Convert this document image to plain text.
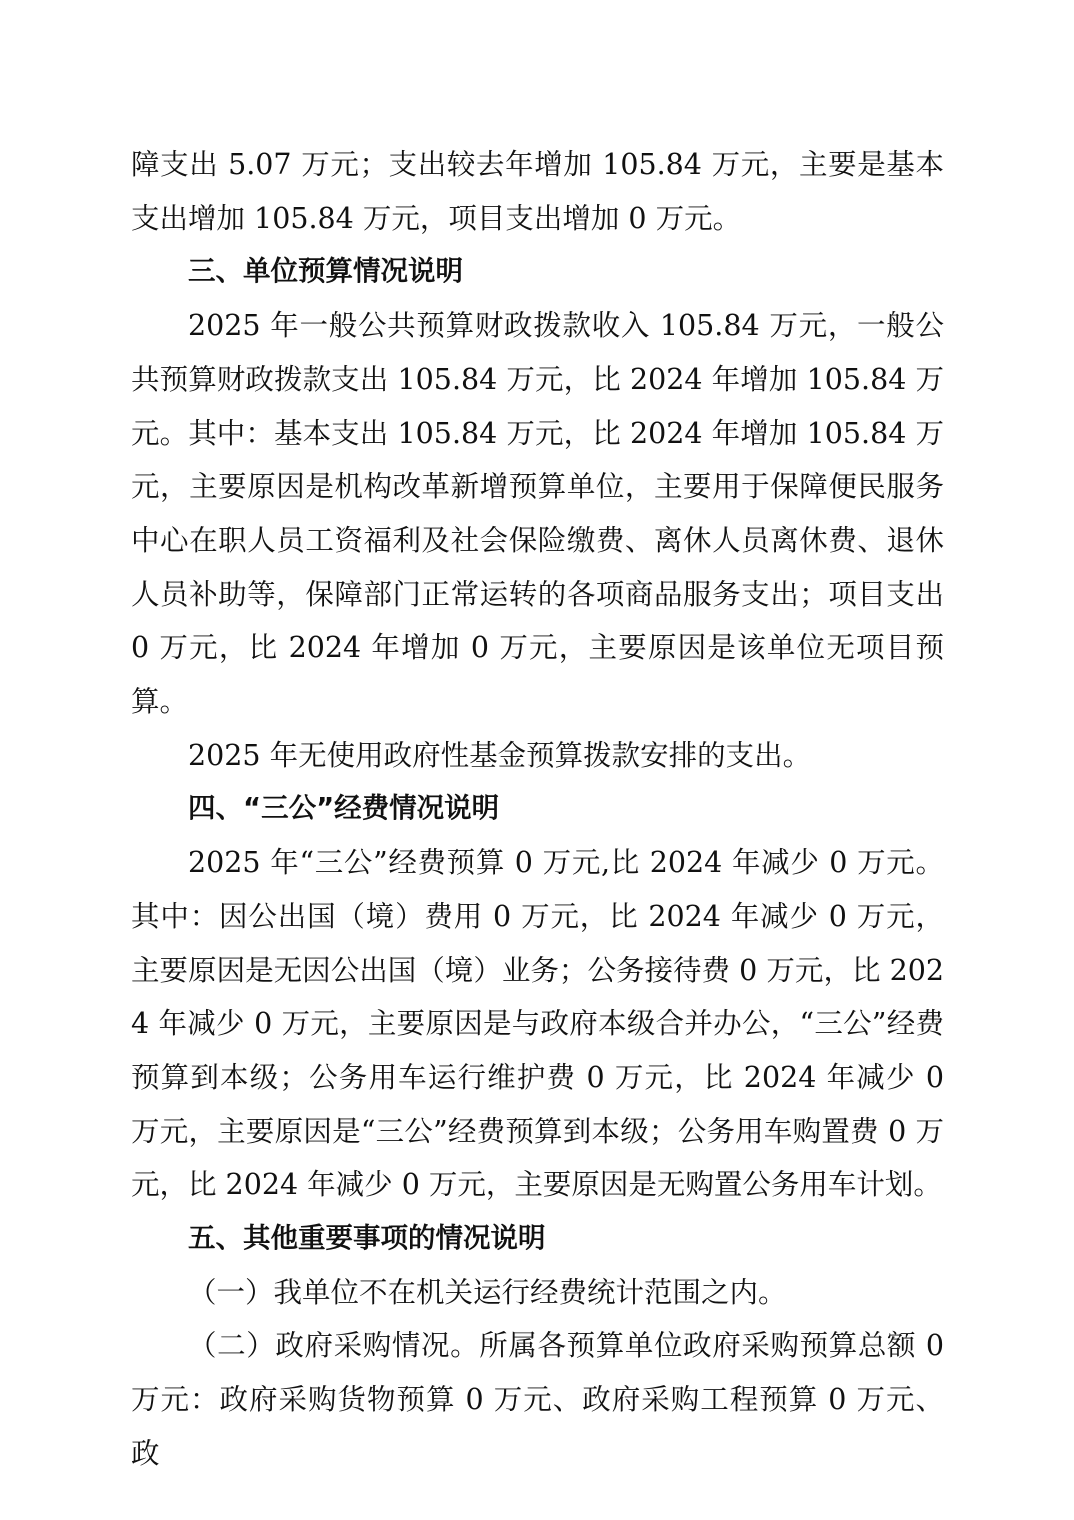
障支出 5.07 万元；支出较去年增加 105.84 万元，主要是基本支出增加 105.84 万元，项目支出增加 0 万元。

三、单位预算情况说明

2025 年一般公共预算财政拨款收入 105.84 万元，一般公共预算财政拨款支出 105.84 万元，比 2024 年增加 105.84 万元。其中：基本支出 105.84 万元，比 2024 年增加 105.84 万元，主要原因是机构改革新增预算单位，主要用于保障便民服务中心在职人员工资福利及社会保险缴费、离休人员离休费、退休人员补助等，保障部门正常运转的各项商品服务支出；项目支出 0 万元，比 2024 年增加 0 万元，主要原因是该单位无项目预算。

2025 年无使用政府性基金预算拨款安排的支出。

四、“三公”经费情况说明

2025 年“三公”经费预算 0 万元,比 2024 年减少 0 万元。其中：因公出国（境）费用 0 万元，比 2024 年减少 0 万元，主要原因是无因公出国（境）业务；公务接待费 0 万元，比 2024 年减少 0 万元，主要原因是与政府本级合并办公，“三公”经费预算到本级；公务用车运行维护费 0 万元，比 2024 年减少 0 万元，主要原因是“三公”经费预算到本级；公务用车购置费 0 万元，比 2024 年减少 0 万元，主要原因是无购置公务用车计划。

五、其他重要事项的情况说明

（一）我单位不在机关运行经费统计范围之内。

（二）政府采购情况。所属各预算单位政府采购预算总额 0 万元：政府采购货物预算 0 万元、政府采购工程预算 0 万元、政
